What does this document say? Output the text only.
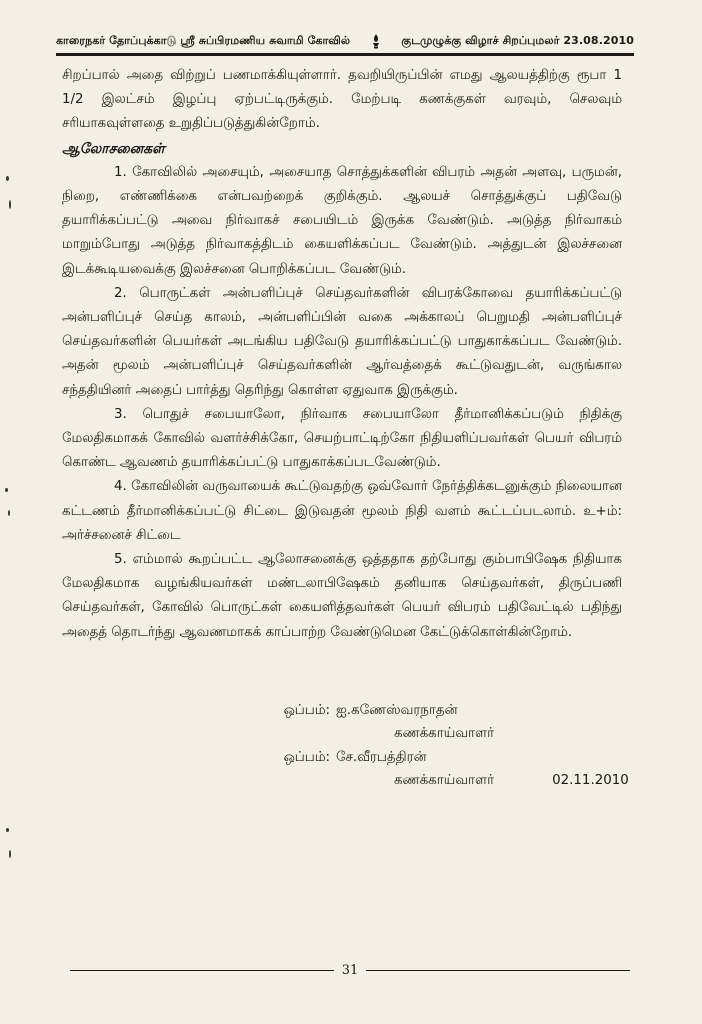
காரைநகர் தோப்புக்காடு ஸ்ரீ சுப்பிரமணிய சுவாமி கோவில்	குடமுழுக்கு விழாச் சிறப்புமலர் 23.08.2010

சிறப்பால் அதை விற்றுப் பணமாக்கியுள்ளார். தவறியிருப்பின் எமது ஆலயத்திற்கு ரூபா 1 1/2 இலட்சம் இழப்பு ஏற்பட்டிருக்கும். மேற்படி கணக்குகள் வரவும், செலவும் சரியாகவுள்ளதை உறுதிப்படுத்துகின்றோம்.

ஆலோசனைகள்

1. கோவிலில் அசையும், அசையாத சொத்துக்களின் விபரம் அதன் அளவு, பருமன், நிறை, எண்ணிக்கை என்பவற்றைக் குறிக்கும். ஆலயச் சொத்துக்குப் பதிவேடு தயாரிக்கப்பட்டு அவை நிர்வாகச் சபையிடம் இருக்க வேண்டும். அடுத்த நிர்வாகம் மாறும்போது அடுத்த நிர்வாகத்திடம் கையளிக்கப்பட வேண்டும். அத்துடன் இலச்சனை இடக்கூடியவைக்கு இலச்சனை பொறிக்கப்பட வேண்டும்.

2. பொருட்கள் அன்பளிப்புச் செய்தவர்களின் விபரக்கோவை தயாரிக்கப்பட்டு அன்பளிப்புச் செய்த காலம், அன்பளிப்பின் வகை அக்காலப் பெறுமதி அன்பளிப்புச் செய்தவர்களின் பெயர்கள் அடங்கிய பதிவேடு தயாரிக்கப்பட்டு பாதுகாக்கப்பட வேண்டும். அதன் மூலம் அன்பளிப்புச் செய்தவர்களின் ஆர்வத்தைக் கூட்டுவதுடன், வருங்கால சந்ததியினர் அதைப் பார்த்து தெரிந்து கொள்ள ஏதுவாக இருக்கும்.

3. பொதுச் சபையாலோ, நிர்வாக சபையாலோ தீர்மானிக்கப்படும் நிதிக்கு மேலதிகமாகக் கோவில் வளர்ச்சிக்கோ, செயற்பாட்டிற்கோ நிதியளிப்பவர்கள் பெயர் விபரம் கொண்ட ஆவணம் தயாரிக்கப்பட்டு பாதுகாக்கப்படவேண்டும்.

4. கோவிலின் வருவாயைக் கூட்டுவதற்கு ஒவ்வோர் நேர்த்திக்கடனுக்கும் நிலையான கட்டணம் தீர்மானிக்கப்பட்டு சிட்டை இடுவதன் மூலம் நிதி வளம் கூட்டப்படலாம். உ+ம்: அர்ச்சனைச் சிட்டை

5. எம்மால் கூறப்பட்ட ஆலோசனைக்கு ஒத்ததாக தற்போது கும்பாபிஷேக நிதியாக மேலதிகமாக வழங்கியவர்கள் மண்டலாபிஷேகம் தனியாக செய்தவர்கள், திருப்பணி செய்தவர்கள், கோவில் பொருட்கள் கையளித்தவர்கள் பெயர் விபரம் பதிவேட்டில் பதிந்து அதைத் தொடர்ந்து ஆவணமாகக் காப்பாற்ற வேண்டுமென கேட்டுக்கொள்கின்றோம்.

ஒப்பம்: ஐ.கணேஸ்வரநாதன்
கணக்காய்வாளர்
ஒப்பம்: சே.வீரபத்திரன்
கணக்காய்வாளர்	02.11.2010
31
